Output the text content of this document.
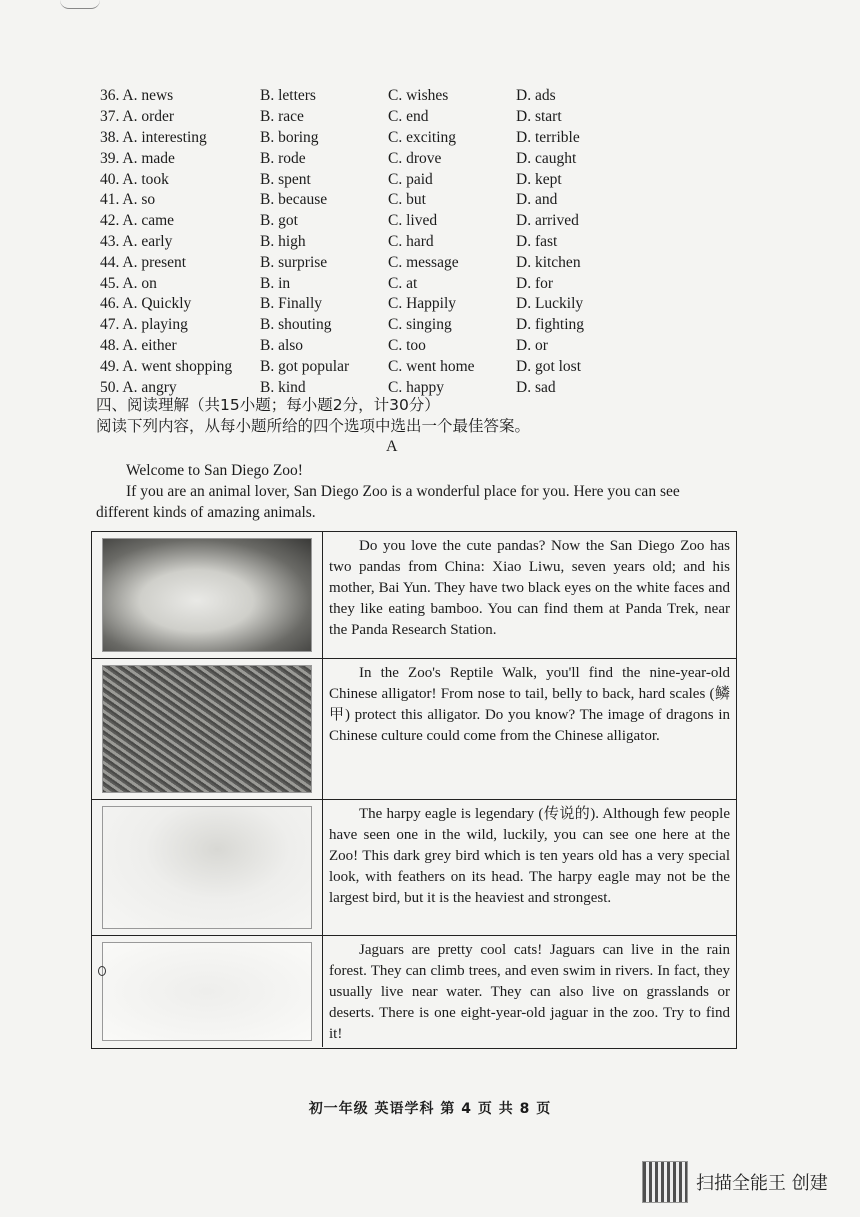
36. A. news	B. letters	C. wishes	D. ads
37. A. order	B. race	C. end	D. start
38. A. interesting	B. boring	C. exciting	D. terrible
39. A. made	B. rode	C. drove	D. caught
40. A. took	B. spent	C. paid	D. kept
41. A. so	B. because	C. but	D. and
42. A. came	B. got	C. lived	D. arrived
43. A. early	B. high	C. hard	D. fast
44. A. present	B. surprise	C. message	D. kitchen
45. A. on	B. in	C. at	D. for
46. A. Quickly	B. Finally	C. Happily	D. Luckily
47. A. playing	B. shouting	C. singing	D. fighting
48. A. either	B. also	C. too	D. or
49. A. went shopping	B. got popular	C. went home	D. got lost
50. A. angry	B. kind	C. happy	D. sad
四、阅读理解（共15小题；每小题2分，计30分）
阅读下列内容，从每小题所给的四个选项中选出一个最佳答案。
A

Welcome to San Diego Zoo!

If you are an animal lover, San Diego Zoo is a wonderful place for you. Here you can see different kinds of amazing animals.

Do you love the cute pandas? Now the San Diego Zoo has two pandas from China: Xiao Liwu, seven years old; and his mother, Bai Yun. They have two black eyes on the white faces and they like eating bamboo. You can find them at Panda Trek, near the Panda Research Station.

In the Zoo's Reptile Walk, you'll find the nine-year-old Chinese alligator! From nose to tail, belly to back, hard scales (鳞甲) protect this alligator. Do you know? The image of dragons in Chinese culture could come from the Chinese alligator.

The harpy eagle is legendary (传说的). Although few people have seen one in the wild, luckily, you can see one here at the Zoo! This dark grey bird which is ten years old has a very special look, with feathers on its head. The harpy eagle may not be the largest bird, but it is the heaviest and strongest.

Jaguars are pretty cool cats! Jaguars can live in the rain forest. They can climb trees, and even swim in rivers. In fact, they usually live near water. They can also live on grasslands or deserts. There is one eight-year-old jaguar in the zoo. Try to find it!

初一年级 英语学科 第 4 页 共 8 页
扫描全能王 创建
